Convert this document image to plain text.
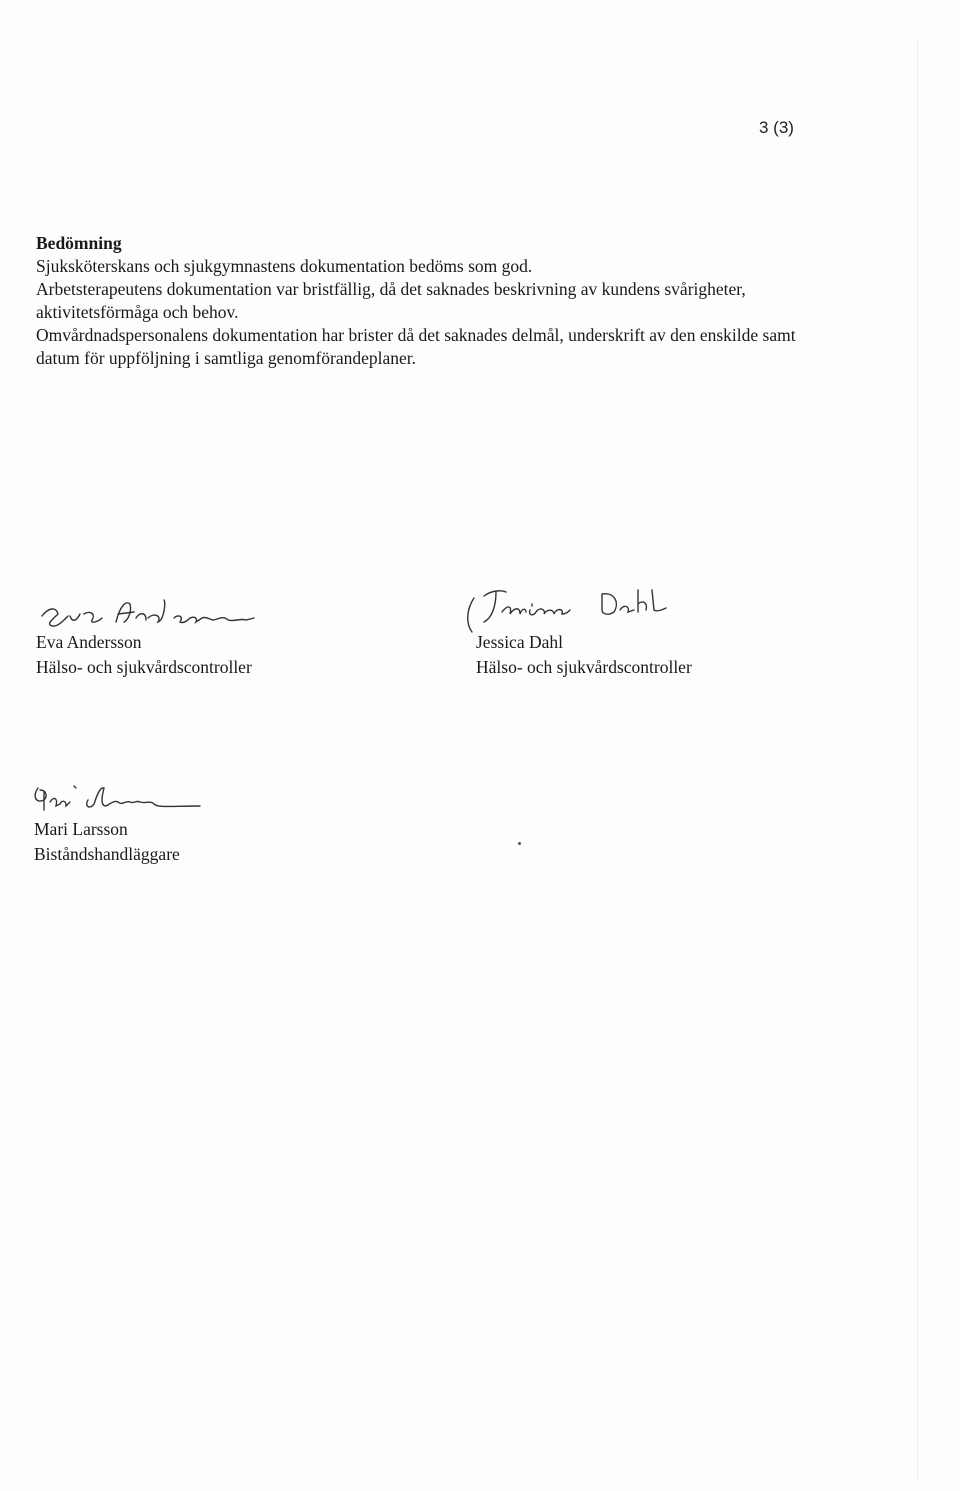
3 (3)

Bedömning

Sjuksköterskans och sjukgymnastens dokumentation bedöms som god.

Arbetsterapeutens dokumentation var bristfällig, då det saknades beskrivning av kundens svårigheter, aktivitetsförmåga och behov.

Omvårdnadspersonalens dokumentation har brister då det saknades delmål, underskrift av den enskilde samt datum för uppföljning i samtliga genomförandeplaner.

Eva Andersson
Hälso- och sjukvårdscontroller
Jessica Dahl
Hälso- och sjukvårdscontroller
Mari Larsson
Biståndshandläggare
